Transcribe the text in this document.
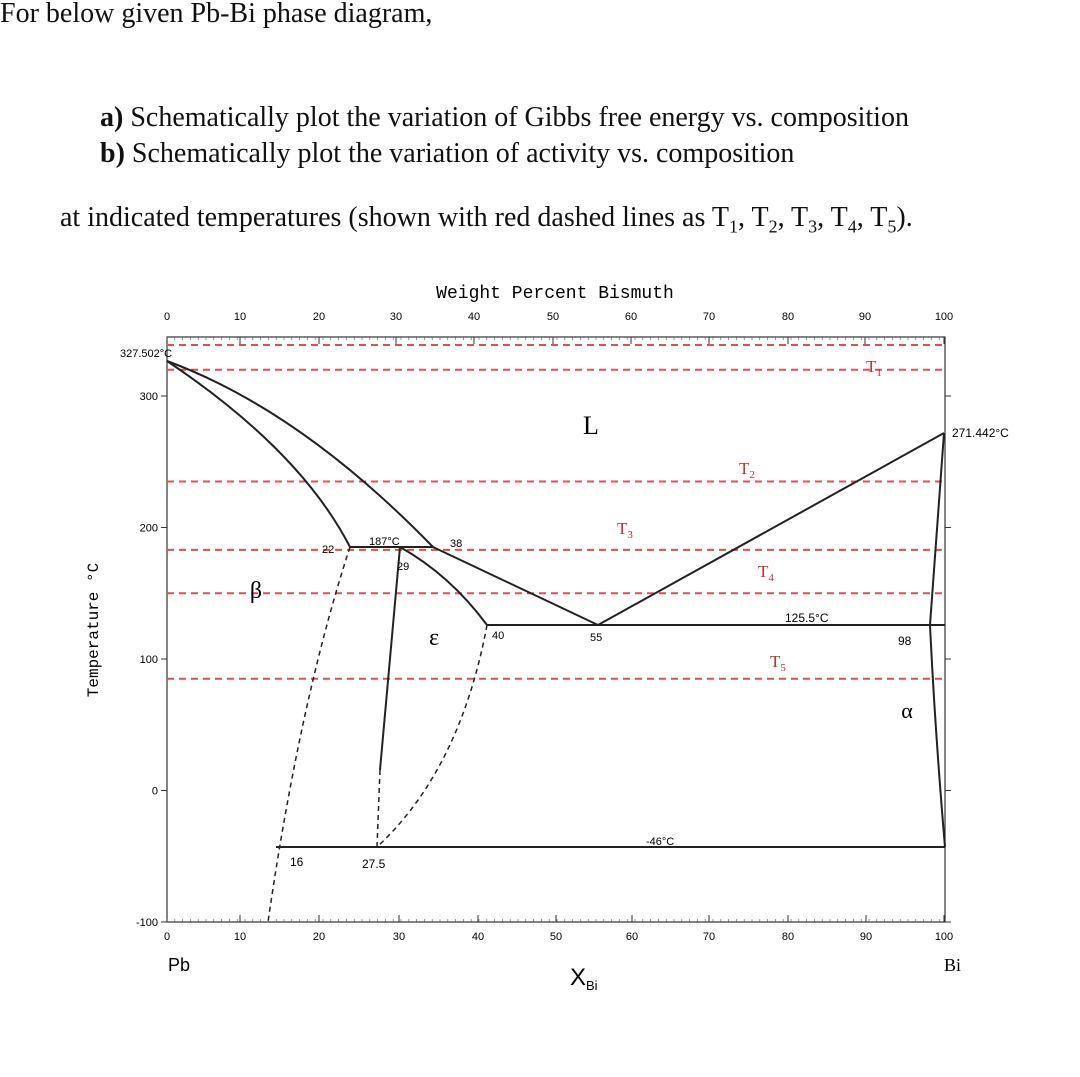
For below given Pb-Bi phase diagram,
a) Schematically plot the variation of Gibbs free energy vs. composition
b) Schematically plot the variation of activity vs. composition
at indicated temperatures (shown with red dashed lines as $T_1$, $T_2$, $T_3$, $T_4$, $T_5$).
Weight Percent Bismuth
0	10	20	30	40	50	60	70	80	90	100
0	10	20	30	40	50	60	70	80	90	100
300
200
100
0
-100
Temperature °C
L
β
ε
α
327.502°C
271.442°C
187°C
22
29
38
40	55
125.5°C
98
-46°C
16	27.5
$T_1$
$T_2$
$T_3$
$T_4$
$T_5$
Pb	Bi
$X_{Bi}$
